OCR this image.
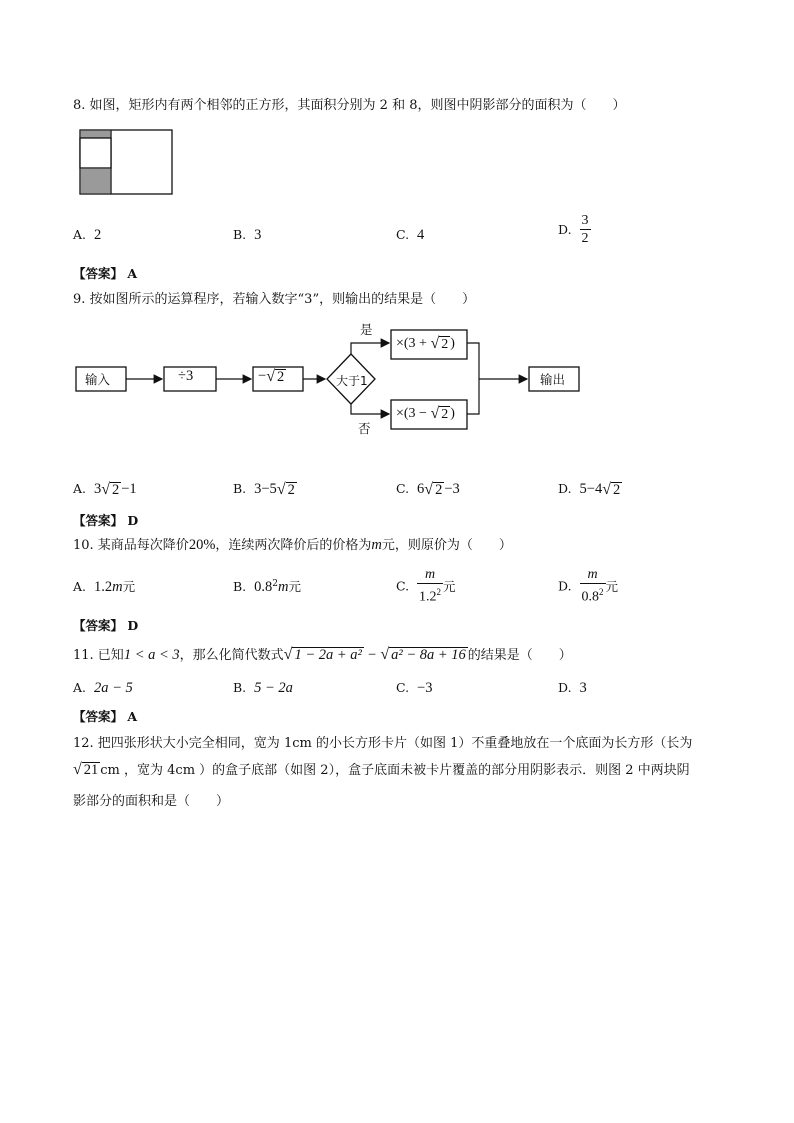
8. 如图，矩形内有两个相邻的正方形，其面积分别为 2 和 8，则图中阴影部分的面积为（　　）
A. 2	B. 3	C. 4	D. $\frac{3}{2}$
【答案】 A
9. 按如图所示的运算程序，若输入数字“3”，则输出的结果是（　　）
输入	÷3	− √ 2	大于1
是
否
×(3 +
√ 2 )
×(3 −
√ 2 )
输出
A. 3 √ 2 −1	B. 3−5 √ 2	C. 6 √ 2 −3	D. 5−4 √ 2
【答案】 D
10. 某商品每次降价20%，连续两次降价后的价格为m元，则原价为（　　）
A. 1.2m元	B. $0.8^2m$元	C. $\frac{m}{1.2^2}$ 元	D. $\frac{m}{0.8^2}$ 元
【答案】 D
11. 已知1 < a < 3，那么化简代数式 √ 1 − 2a + a² − √ a² − 8a + 16 的结果是（　　）
A. 2a − 5	B. 5 − 2a	C. −3	D. 3
【答案】 A
12. 把四张形状大小完全相同，宽为 1cm 的小长方形卡片（如图 1）不重叠地放在一个底面为长方形（长为
√ 21 cm ，宽为 4cm ）的盒子底部（如图 2），盒子底面未被卡片覆盖的部分用阴影表示．则图 2 中两块阴
影部分的面积和是（　　）
